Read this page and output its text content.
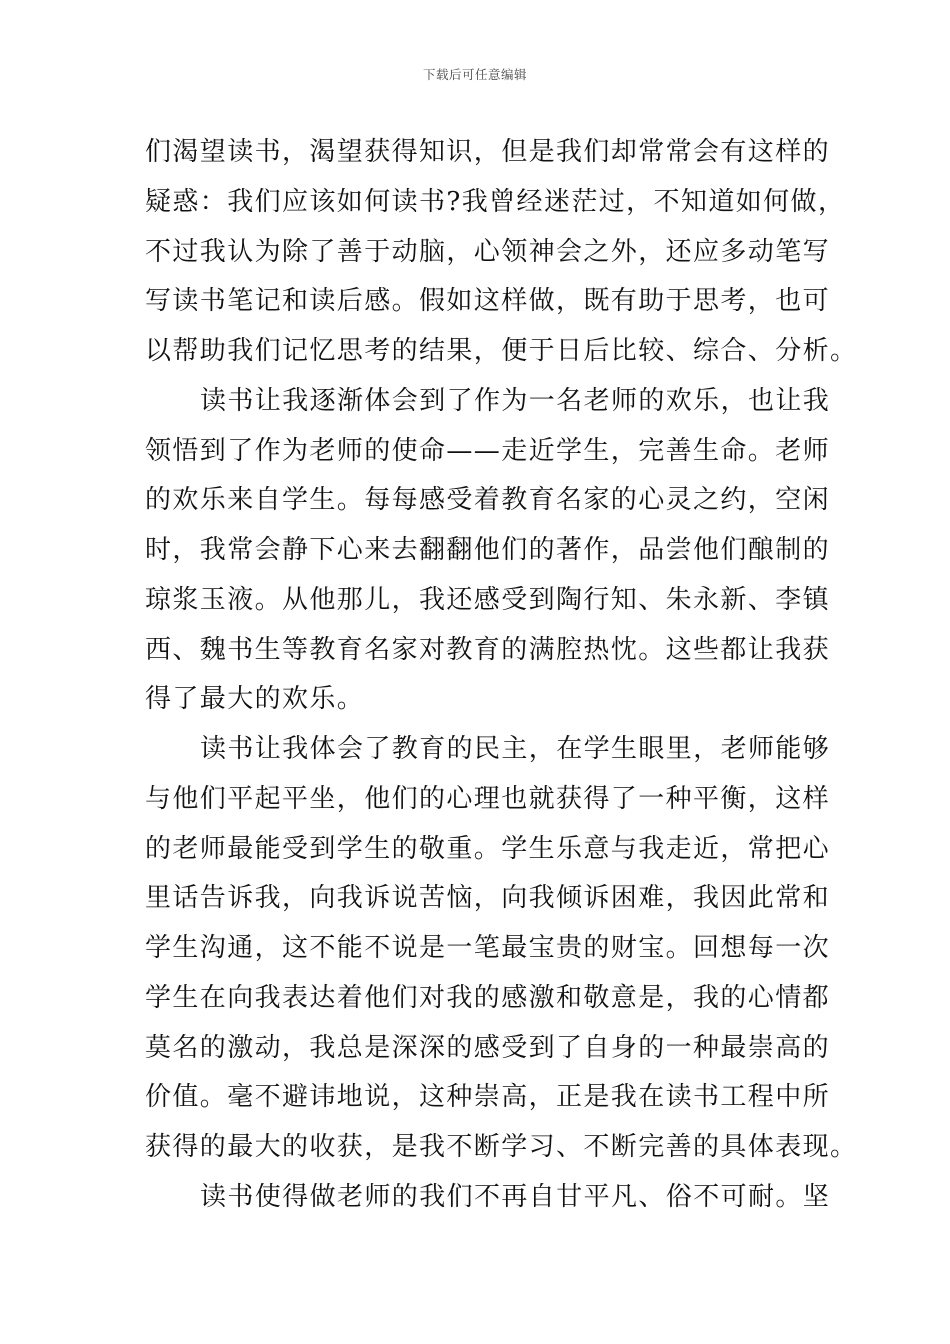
下载后可任意编辑
们渴望读书，渴望获得知识，但是我们却常常会有这样的
疑惑：我们应该如何读书?我曾经迷茫过，不知道如何做，
不过我认为除了善于动脑，心领神会之外，还应多动笔写
写读书笔记和读后感。假如这样做，既有助于思考，也可
以帮助我们记忆思考的结果，便于日后比较、综合、分析。
读书让我逐渐体会到了作为一名老师的欢乐，也让我
领悟到了作为老师的使命——走近学生，完善生命。老师
的欢乐来自学生。每每感受着教育名家的心灵之约，空闲
时，我常会静下心来去翻翻他们的著作，品尝他们酿制的
琼浆玉液。从他那儿，我还感受到陶行知、朱永新、李镇
西、魏书生等教育名家对教育的满腔热忱。这些都让我获
得了最大的欢乐。
读书让我体会了教育的民主，在学生眼里，老师能够
与他们平起平坐，他们的心理也就获得了一种平衡，这样
的老师最能受到学生的敬重。学生乐意与我走近，常把心
里话告诉我，向我诉说苦恼，向我倾诉困难，我因此常和
学生沟通，这不能不说是一笔最宝贵的财宝。回想每一次
学生在向我表达着他们对我的感激和敬意是，我的心情都
莫名的激动，我总是深深的感受到了自身的一种最崇高的
价值。毫不避讳地说，这种崇高，正是我在读书工程中所
获得的最大的收获，是我不断学习、不断完善的具体表现。
读书使得做老师的我们不再自甘平凡、俗不可耐。坚
